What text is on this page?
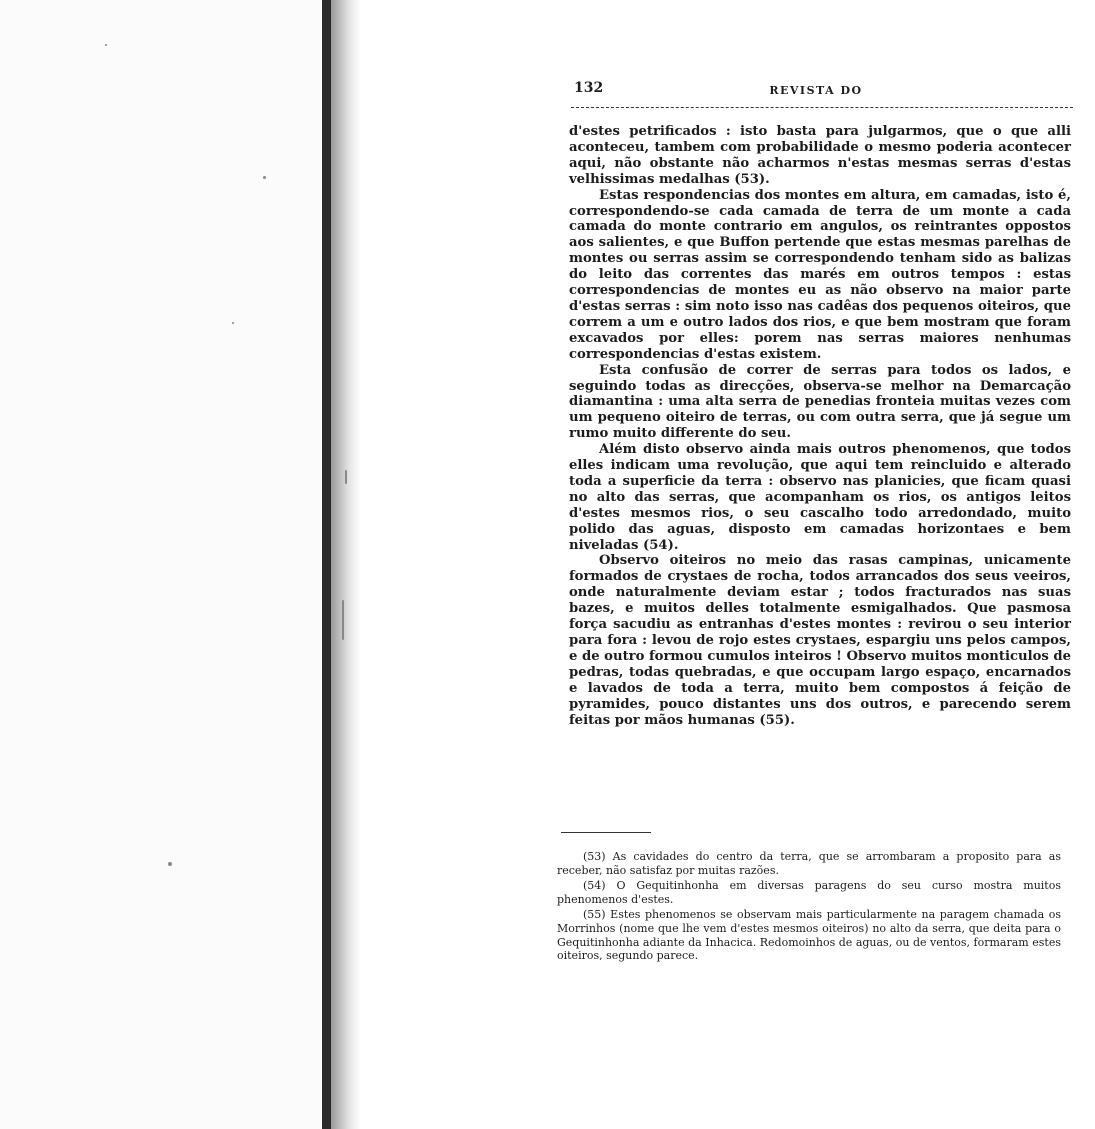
132	REVISTA DO

d'estes petrificados : isto basta para julgarmos, que o que alli aconteceu, tambem com probabilidade o mesmo poderia acontecer aqui, não obstante não acharmos n'estas mesmas serras d'estas velhissimas medalhas (53).

Estas respondencias dos montes em altura, em camadas, isto é, correspondendo-se cada camada de terra de um monte a cada camada do monte contrario em angulos, os reintrantes oppostos aos salientes, e que Buffon pertende que estas mesmas parelhas de montes ou serras assim se correspondendo tenham sido as balizas do leito das correntes das marés em outros tempos : estas correspondencias de montes eu as não observo na maior parte d'estas serras : sim noto isso nas cadêas dos pequenos oiteiros, que correm a um e outro lados dos rios, e que bem mostram que foram excavados por elles: porem nas serras maiores nenhumas correspondencias d'estas existem.

Esta confusão de correr de serras para todos os lados, e seguindo todas as direcções, observa-se melhor na Demarcação diamantina : uma alta serra de penedias fronteia muitas vezes com um pequeno oiteiro de terras, ou com outra serra, que já segue um rumo muito differente do seu.

Além disto observo ainda mais outros phenomenos, que todos elles indicam uma revolução, que aqui tem reincluido e alterado toda a superficie da terra : observo nas planicies, que ficam quasi no alto das serras, que acompanham os rios, os antigos leitos d'estes mesmos rios, o seu cascalho todo arredondado, muito polido das aguas, disposto em camadas horizontaes e bem niveladas (54).

Observo oiteiros no meio das rasas campinas, unicamente formados de crystaes de rocha, todos arrancados dos seus veeiros, onde naturalmente deviam estar ; todos fracturados nas suas bazes, e muitos delles totalmente esmigalhados. Que pasmosa força sacudiu as entranhas d'estes montes : revirou o seu interior para fora : levou de rojo estes crystaes, espargiu uns pelos campos, e de outro formou cumulos inteiros ! Observo muitos monticulos de pedras, todas quebradas, e que occupam largo espaço, encarnados e lavados de toda a terra, muito bem compostos á feição de pyramides, pouco distantes uns dos outros, e parecendo serem feitas por mãos humanas (55).

(53) As cavidades do centro da terra, que se arrombaram a proposito para as receber, não satisfaz por muitas razões.

(54) O Gequitinhonha em diversas paragens do seu curso mostra muitos phenomenos d'estes.

(55) Estes phenomenos se observam mais particularmente na paragem chamada os Morrinhos (nome que lhe vem d'estes mesmos oiteiros) no alto da serra, que deita para o Gequitinhonha adiante da Inhacica. Redomoinhos de aguas, ou de ventos, formaram estes oiteiros, segundo parece.
